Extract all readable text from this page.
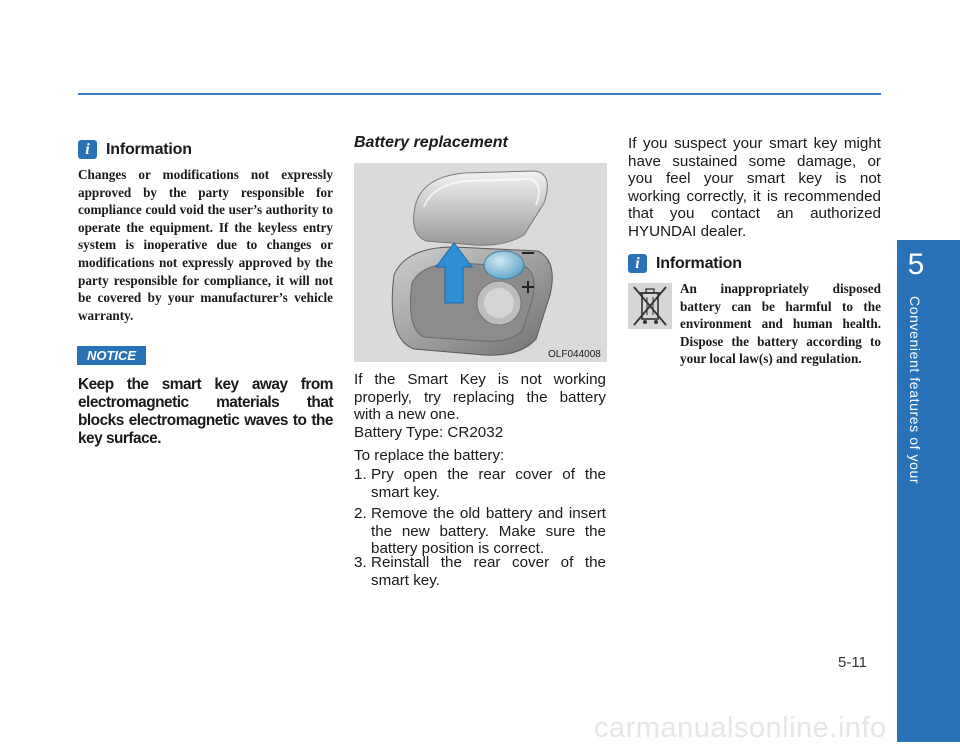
5
Convenient features of your vehicle
i	Information
Changes or modifications not expressly approved by the party responsible for compliance could void the user’s authority to operate the equipment. If the keyless entry system is inoperative due to changes or modifications not expressly approved by the party responsible for compliance, it will not be covered by your manufacturer’s vehicle warranty.
NOTICE
Keep the smart key away from electromagnetic materials that blocks electromagnetic waves to the key surface.
Battery replacement
OLF044008
If the Smart Key is not working properly, try replacing the battery with a new one.
Battery Type: CR2032
To replace the battery:
1. Pry open the rear cover of the smart key.
2. Remove the old battery and insert the new battery. Make sure the battery position is correct.
3. Reinstall the rear cover of the smart key.
If you suspect your smart key might have sustained some damage, or you feel your smart key is not working correctly, it is recommended that you contact an authorized HYUNDAI dealer.
i	Information
An inappropriately disposed battery can be harmful to the environment and human health. Dispose the battery according to your local law(s) and regulation.
5-11
carmanualsonline.info
